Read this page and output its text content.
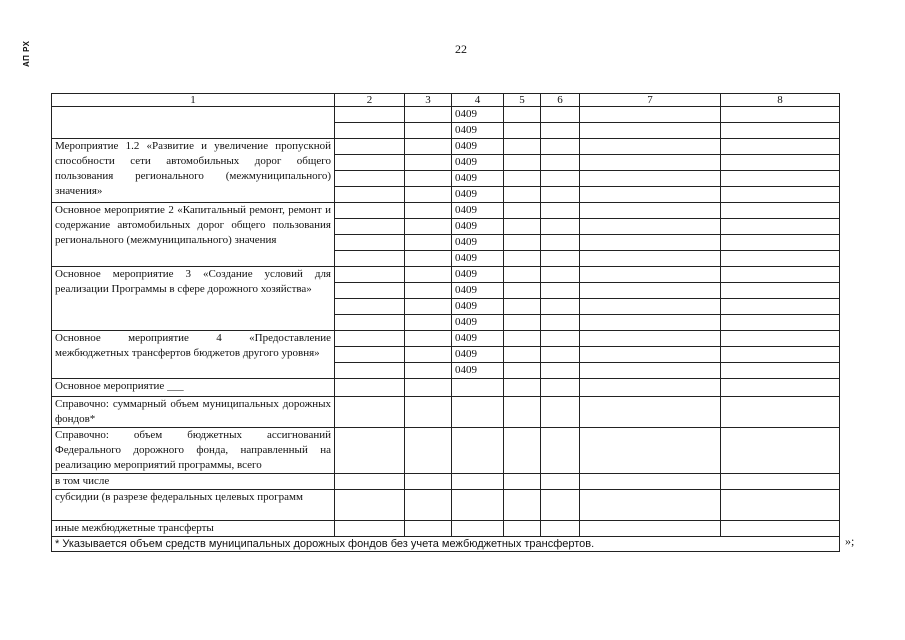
АП РХ	22
1	2	3	4	5	6	7	8
			0409				
			0409				
Мероприятие 1.2 «Развитие и увеличение пропускной способности сети автомобильных дорог общего пользования регионального (межмуниципального) значения»			0409				
			0409				
			0409				
			0409				
Основное мероприятие 2 «Капитальный ремонт, ремонт и содержание автомобильных дорог общего пользования регионального (межмуниципального) значения			0409				
			0409				
			0409				
			0409				
Основное мероприятие 3 «Создание условий для реализации Программы в сфере дорожного хозяйства»			0409				
			0409				
			0409				
			0409				
Основное мероприятие 4 «Предоставление межбюджетных трансфертов бюджетов другого уровня»			0409				
			0409				
			0409				
Основное мероприятие ___							
Справочно: суммарный объем муниципальных дорожных фондов*							
Справочно: объем бюджетных ассигнований Федерального дорожного фонда, направленный на реализацию мероприятий программы, всего							
в том числе							
субсидии (в разрезе федеральных целевых программ							
иные межбюджетные трансферты							
* Указывается объем средств муниципальных дорожных фондов без учета межбюджетных трансфертов.								»;
